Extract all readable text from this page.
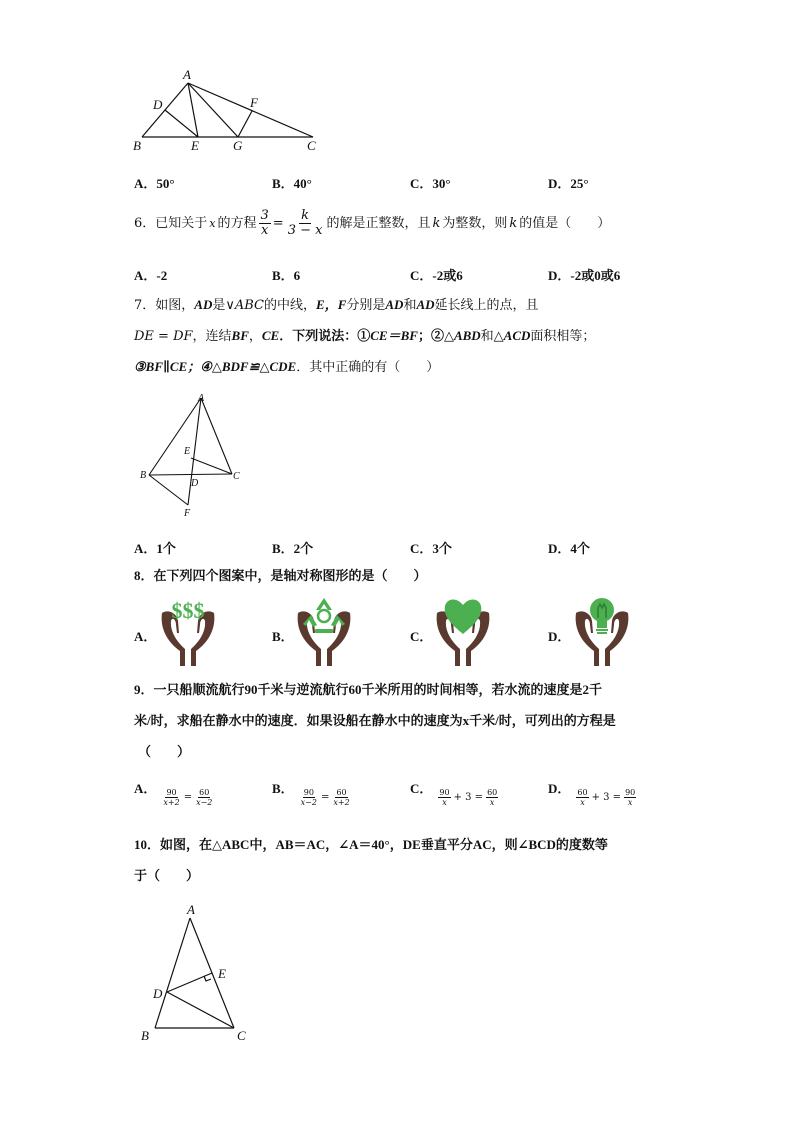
A
D	F
B	E	G	C
A．50°	B．40°	C．30°	D．25°
6．已知关于 x 的方程 $\frac{3}{x} = \frac{k}{3 - x}$ 的解是正整数，且 k 为整数，则 k 的值是（　　）
A．-2	B．6	C．-2或6	D．-2或0或6
7．如图，AD是∨ABC的中线，E，F分别是AD和AD延长线上的点，且
DE = DF，连结BF，CE．下列说法：①CE＝BF；②△ABD和△ACD面积相等；
③BF∥CE；④△BDF≌△CDE．其中正确的有（　　）
A
E
B
D
C
F
A．1个	B．2个	C．3个	D．4个
8．在下列四个图案中，是轴对称图形的是（　　）
A．	B．	C．	D．
$$$
9．一只船顺流航行90千米与逆流航行60千米所用的时间相等，若水流的速度是2千
米/时，求船在静水中的速度．如果设船在静水中的速度为x千米/时，可列出的方程是
（　　）
A． $\frac{90}{x+2} = \frac{60}{x-2}$	B． $\frac{90}{x-2} = \frac{60}{x+2}$	C． $\frac{90}{x} + 3 = \frac{60}{x}$	D． $\frac{60}{x} + 3 = \frac{90}{x}$
10．如图，在△ABC中，AB＝AC，∠A＝40°，DE垂直平分AC，则∠BCD的度数等
于（　　）
A
E
D
B	C
